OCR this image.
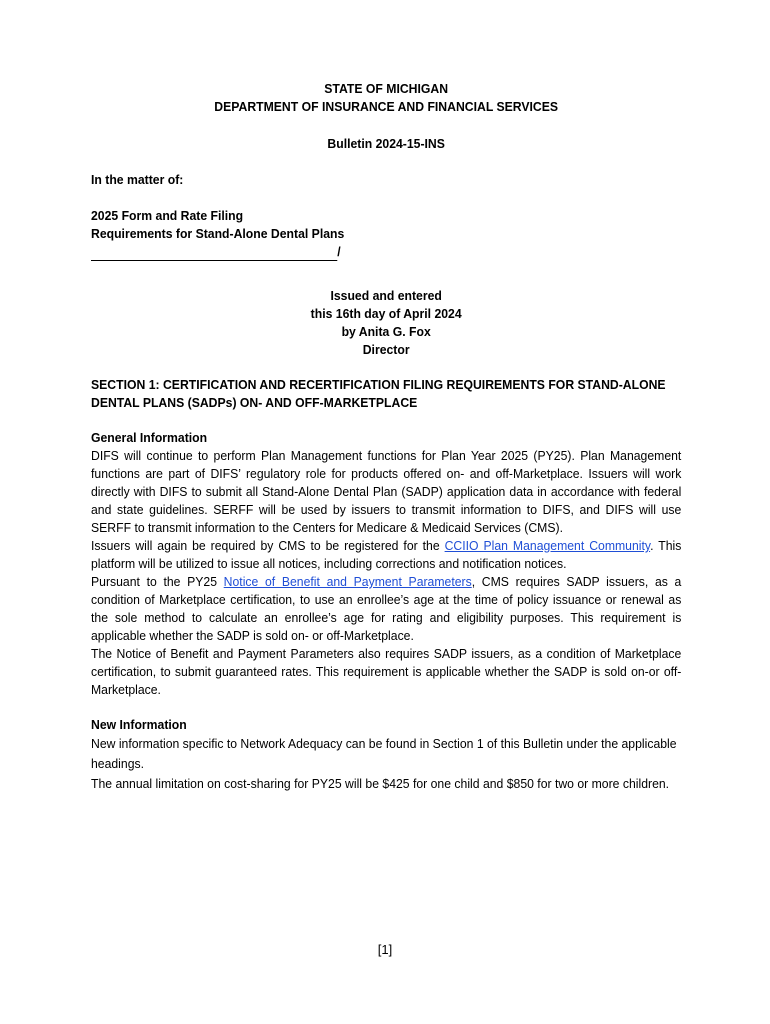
STATE OF MICHIGAN
DEPARTMENT OF INSURANCE AND FINANCIAL SERVICES
Bulletin 2024-15-INS
In the matter of:
2025 Form and Rate Filing
Requirements for Stand-Alone Dental Plans
/
Issued and entered
this 16th day of April 2024
by Anita G. Fox
Director
SECTION 1: CERTIFICATION AND RECERTIFICATION FILING REQUIREMENTS FOR STAND-ALONE DENTAL PLANS (SADPs) ON- AND OFF-MARKETPLACE
General Information

DIFS will continue to perform Plan Management functions for Plan Year 2025 (PY25). Plan Management functions are part of DIFS’ regulatory role for products offered on- and off-Marketplace. Issuers will work directly with DIFS to submit all Stand-Alone Dental Plan (SADP) application data in accordance with federal and state guidelines. SERFF will be used by issuers to transmit information to DIFS, and DIFS will use SERFF to transmit information to the Centers for Medicare & Medicaid Services (CMS).

Issuers will again be required by CMS to be registered for the CCIIO Plan Management Community. This platform will be utilized to issue all notices, including corrections and notification notices.

Pursuant to the PY25 Notice of Benefit and Payment Parameters, CMS requires SADP issuers, as a condition of Marketplace certification, to use an enrollee’s age at the time of policy issuance or renewal as the sole method to calculate an enrollee’s age for rating and eligibility purposes. This requirement is applicable whether the SADP is sold on- or off-Marketplace.

The Notice of Benefit and Payment Parameters also requires SADP issuers, as a condition of Marketplace certification, to submit guaranteed rates. This requirement is applicable whether the SADP is sold on-or off-Marketplace.

New Information

New information specific to Network Adequacy can be found in Section 1 of this Bulletin under the applicable headings.

The annual limitation on cost-sharing for PY25 will be $425 for one child and $850 for two or more children.

[1]
